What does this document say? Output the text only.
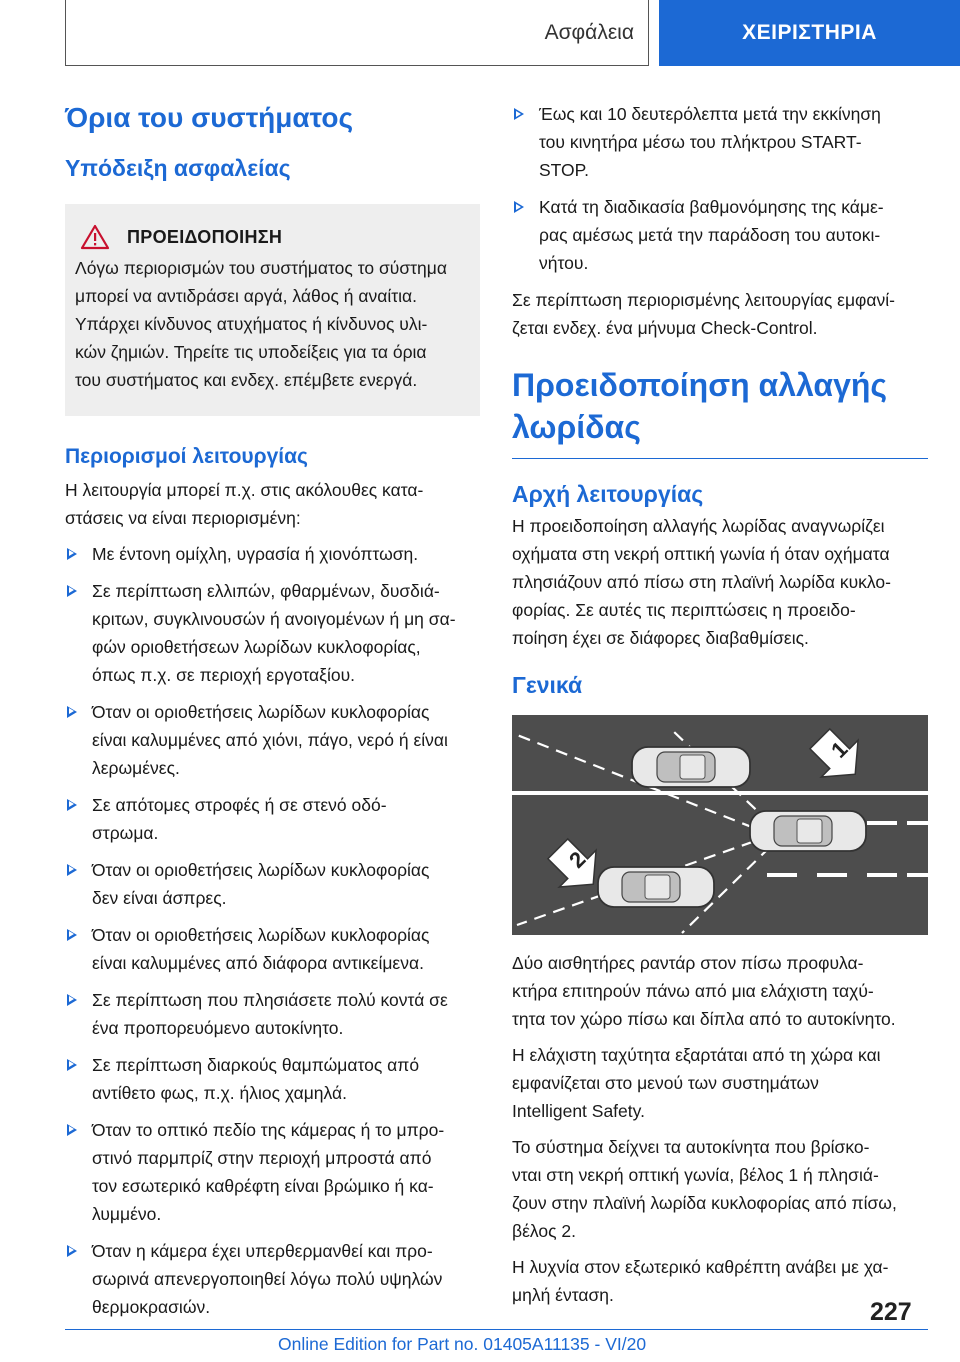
Ασφάλεια	ΧΕΙΡΙΣΤΗΡΙΑ
Όρια του συστήματος
Υπόδειξη ασφαλείας
ΠΡΟΕΙΔΟΠΟΙΗΣΗ
Λόγω περιορισμών του συστήματος το σύστημα
μπορεί να αντιδράσει αργά, λάθος ή αναίτια.
Υπάρχει κίνδυνος ατυχήματος ή κίνδυνος υλι‐
κών ζημιών. Τηρείτε τις υποδείξεις για τα όρια
του συστήματος και ενδεχ. επέμβετε ενεργά.
Περιορισμοί λειτουργίας

Η λειτουργία μπορεί π.χ. στις ακόλουθες κατα‐
στάσεις να είναι περιορισμένη:

Με έντονη ομίχλη, υγρασία ή χιονόπτωση.
Σε περίπτωση ελλιπών, φθαρμένων, δυσδιά‐
κριτων, συγκλινουσών ή ανοιγομένων ή μη σα‐
φών οριοθετήσεων λωρίδων κυκλοφορίας,
όπως π.χ. σε περιοχή εργοταξίου.
Όταν οι οριοθετήσεις λωρίδων κυκλοφορίας
είναι καλυμμένες από χιόνι, πάγο, νερό ή είναι
λερωμένες.
Σε απότομες στροφές ή σε στενό οδό‐
στρωμα.
Όταν οι οριοθετήσεις λωρίδων κυκλοφορίας
δεν είναι άσπρες.
Όταν οι οριοθετήσεις λωρίδων κυκλοφορίας
είναι καλυμμένες από διάφορα αντικείμενα.
Σε περίπτωση που πλησιάσετε πολύ κοντά σε
ένα προπορευόμενο αυτοκίνητο.
Σε περίπτωση διαρκούς θαμπώματος από
αντίθετο φως, π.χ. ήλιος χαμηλά.
Όταν το οπτικό πεδίο της κάμερας ή το μπρο‐
στινό παρμπρίζ στην περιοχή μπροστά από
τον εσωτερικό καθρέφτη είναι βρώμικο ή κα‐
λυμμένο.
Όταν η κάμερα έχει υπερθερμανθεί και προ‐
σωρινά απενεργοποιηθεί λόγω πολύ υψηλών
θερμοκρασιών.
Έως και 10 δευτερόλεπτα μετά την εκκίνηση
του κινητήρα μέσω του πλήκτρου START-
STOP.
Κατά τη διαδικασία βαθμονόμησης της κάμε‐
ρας αμέσως μετά την παράδοση του αυτοκι‐
νήτου.

Σε περίπτωση περιορισμένης λειτουργίας εμφανί‐
ζεται ενδεχ. ένα μήνυμα Check-Control.

Προειδοποίηση αλλαγής
λωρίδας
Αρχή λειτουργίας

Η προειδοποίηση αλλαγής λωρίδας αναγνωρίζει
οχήματα στη νεκρή οπτική γωνία ή όταν οχήματα
πλησιάζουν από πίσω στη πλαϊνή λωρίδα κυκλο‐
φορίας. Σε αυτές τις περιπτώσεις η προειδο‐
ποίηση έχει σε διάφορες διαβαθμίσεις.

Γενικά
2
1

Δύο αισθητήρες ραντάρ στον πίσω προφυλα‐
κτήρα επιτηρούν πάνω από μια ελάχιστη ταχύ‐
τητα τον χώρο πίσω και δίπλα από το αυτοκίνητο.

Η ελάχιστη ταχύτητα εξαρτάται από τη χώρα και
εμφανίζεται στο μενού των συστημάτων
Intelligent Safety.

Το σύστημα δείχνει τα αυτοκίνητα που βρίσκο‐
νται στη νεκρή οπτική γωνία, βέλος 1 ή πλησιά‐
ζουν στην πλαϊνή λωρίδα κυκλοφορίας από πίσω,
βέλος 2.

Η λυχνία στον εξωτερικό καθρέπτη ανάβει με χα‐
μηλή ένταση.

227
Online Edition for Part no. 01405A11135 - VI/20
